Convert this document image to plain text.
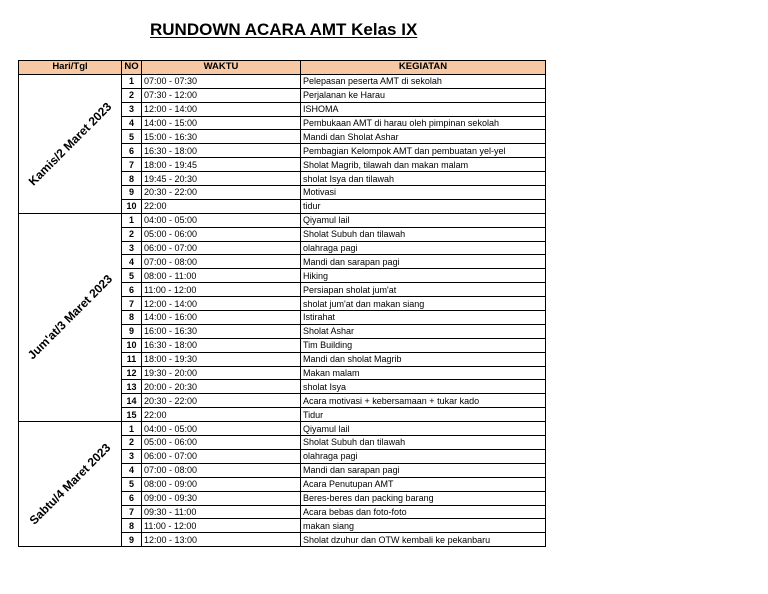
RUNDOWN ACARA AMT Kelas IX
Hari/Tgl	NO	WAKTU	KEGIATAN

Kamis/2 Maret 2023	1	07:00 - 07:30	Pelepasan peserta AMT di sekolah
	2	07:30 - 12:00	Perjalanan ke Harau
	3	12:00 - 14:00	ISHOMA
	4	14:00 - 15:00	Pembukaan AMT di harau oleh pimpinan sekolah
	5	15:00 - 16:30	Mandi dan Sholat Ashar
	6	16:30 - 18:00	Pembagian Kelompok AMT dan pembuatan yel-yel
	7	18:00 - 19:45	Sholat Magrib, tilawah dan makan malam
	8	19:45 - 20:30	sholat Isya dan tilawah
	9	20:30 - 22:00	Motivasi
	10	22:00	tidur

Jum'at/3 Maret 2023	1	04:00 - 05:00	Qiyamul lail
	2	05:00 - 06:00	Sholat Subuh dan tilawah
	3	06:00 - 07:00	olahraga pagi
	4	07:00 - 08:00	Mandi dan sarapan pagi
	5	08:00 - 11:00	Hiking
	6	11:00 - 12:00	Persiapan sholat jum'at
	7	12:00 - 14:00	sholat jum'at dan makan siang
	8	14:00 - 16:00	Istirahat
	9	16:00 - 16:30	Sholat Ashar
	10	16:30 - 18:00	Tim Building
	11	18:00 - 19:30	Mandi dan sholat Magrib
	12	19:30 - 20:00	Makan malam
	13	20:00 - 20:30	sholat Isya
	14	20:30 - 22:00	Acara motivasi + kebersamaan + tukar kado
	15	22:00	Tidur

Sabtu/4 Maret 2023	1	04:00 - 05:00	Qiyamul lail
	2	05:00 - 06:00	Sholat Subuh dan tilawah
	3	06:00 - 07:00	olahraga pagi
	4	07:00 - 08:00	Mandi dan sarapan pagi
	5	08:00 - 09:00	Acara Penutupan AMT
	6	09:00 - 09:30	Beres-beres dan packing barang
	7	09:30 - 11:00	Acara bebas dan foto-foto
	8	11:00 - 12:00	makan siang
	9	12:00 - 13:00	Sholat dzuhur dan OTW kembali ke pekanbaru
